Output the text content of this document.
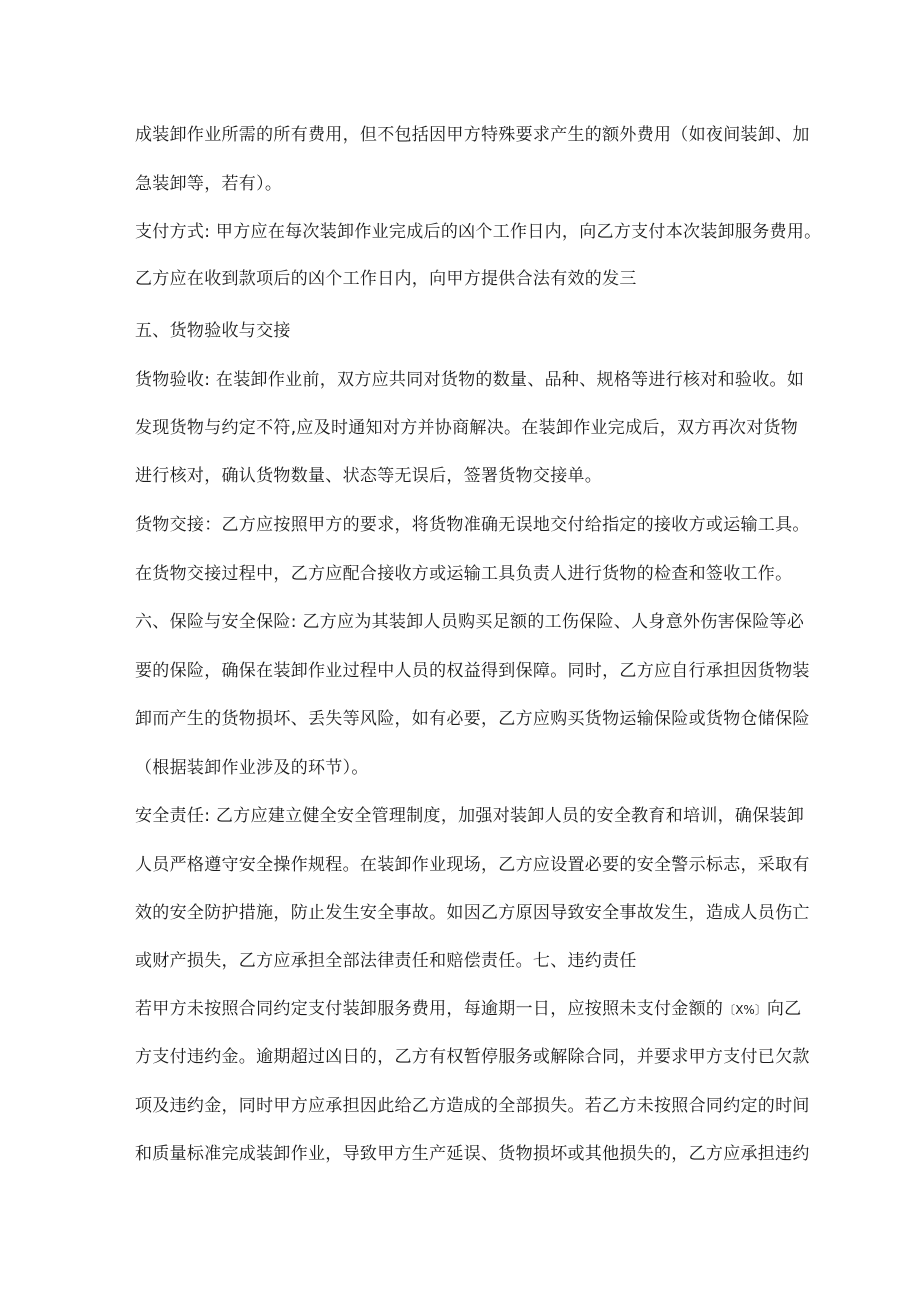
成装卸作业所需的所有费用，但不包括因甲方特殊要求产生的额外费用（如夜间装卸、加
急装卸等，若有）。
支付方式: 甲方应在每次装卸作业完成后的凶个工作日内，向乙方支付本次装卸服务费用。
乙方应在收到款项后的凶个工作日内，向甲方提供合法有效的发三
五、货物验收与交接
货物验收: 在装卸作业前，双方应共同对货物的数量、品种、规格等进行核对和验收。如
发现货物与约定不符,应及时通知对方并协商解决。在装卸作业完成后，双方再次对货物
进行核对，确认货物数量、状态等无误后，签署货物交接单。
货物交接：乙方应按照甲方的要求，将货物准确无误地交付给指定的接收方或运输工具。
在货物交接过程中，乙方应配合接收方或运输工具负责人进行货物的检查和签收工作。
六、保险与安全保险: 乙方应为其装卸人员购买足额的工伤保险、人身意外伤害保险等必
要的保险，确保在装卸作业过程中人员的权益得到保障。同时，乙方应自行承担因货物装
卸而产生的货物损坏、丢失等风险，如有必要，乙方应购买货物运输保险或货物仓储保险
（根据装卸作业涉及的环节）。
安全责任: 乙方应建立健全安全管理制度，加强对装卸人员的安全教育和培训，确保装卸
人员严格遵守安全操作规程。在装卸作业现场，乙方应设置必要的安全警示标志，采取有
效的安全防护措施，防止发生安全事故。如因乙方原因导致安全事故发生，造成人员伤亡
或财产损失，乙方应承担全部法律责任和赔偿责任。七、违约责任
若甲方未按照合同约定支付装卸服务费用，每逾期一日，应按照未支付金额的〔X%〕向乙
方支付违约金。逾期超过凶日的，乙方有权暂停服务或解除合同，并要求甲方支付已欠款
项及违约金，同时甲方应承担因此给乙方造成的全部损失。若乙方未按照合同约定的时间
和质量标准完成装卸作业，导致甲方生产延误、货物损坏或其他损失的，乙方应承担违约
